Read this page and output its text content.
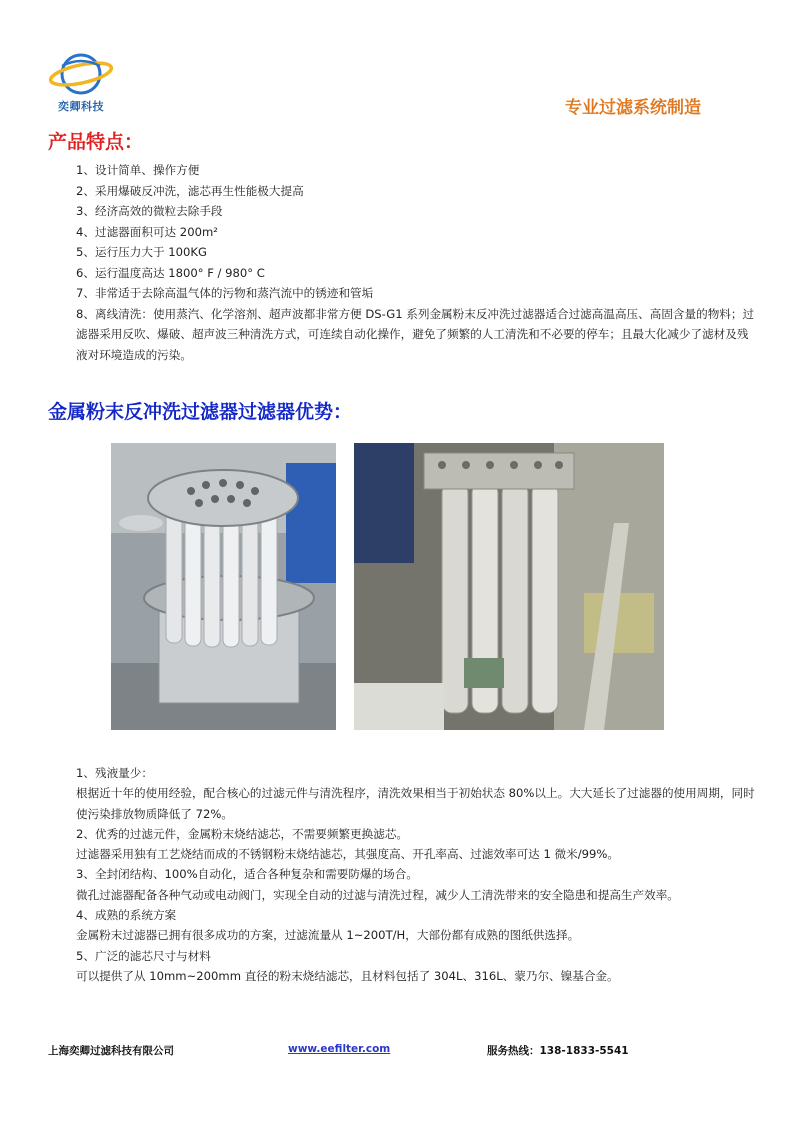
奕卿科技	专业过滤系统制造
产品特点：
1、设计简单、操作方便
2、采用爆破反冲洗，滤芯再生性能极大提高
3、经济高效的微粒去除手段
4、过滤器面积可达 200m²
5、运行压力大于 100KG
6、运行温度高达 1800° F / 980° C
7、非常适于去除高温气体的污物和蒸汽流中的锈迹和管垢
8、离线清洗：使用蒸汽、化学溶剂、超声波都非常方便 DS-G1 系列金属粉末反冲洗过滤器适合过滤高温高压、高固含量的物料；过滤器采用反吹、爆破、超声波三种清洗方式，可连续自动化操作，避免了频繁的人工清洗和不必要的停车；且最大化减少了滤材及残液对环境造成的污染。
金属粉末反冲洗过滤器过滤器优势：
1、残液量少：
根据近十年的使用经验，配合核心的过滤元件与清洗程序，清洗效果相当于初始状态 80%以上。大大延长了过滤器的使用周期，同时使污染排放物质降低了 72%。
2、优秀的过滤元件，金属粉末烧结滤芯，不需要频繁更换滤芯。
过滤器采用独有工艺烧结而成的不锈钢粉末烧结滤芯，其强度高、开孔率高、过滤效率可达 1 微米/99%。
3、全封闭结构、100%自动化，适合各种复杂和需要防爆的场合。
微孔过滤器配备各种气动或电动阀门，实现全自动的过滤与清洗过程，减少人工清洗带来的安全隐患和提高生产效率。
4、成熟的系统方案
金属粉末过滤器已拥有很多成功的方案，过滤流量从 1~200T/H，大部份都有成熟的图纸供选择。
5、广泛的滤芯尺寸与材料
可以提供了从 10mm~200mm 直径的粉末烧结滤芯，且材料包括了 304L、316L、蒙乃尔、镍基合金。
上海奕卿过滤科技有限公司	www.eefilter.com	服务热线：138-1833-5541
